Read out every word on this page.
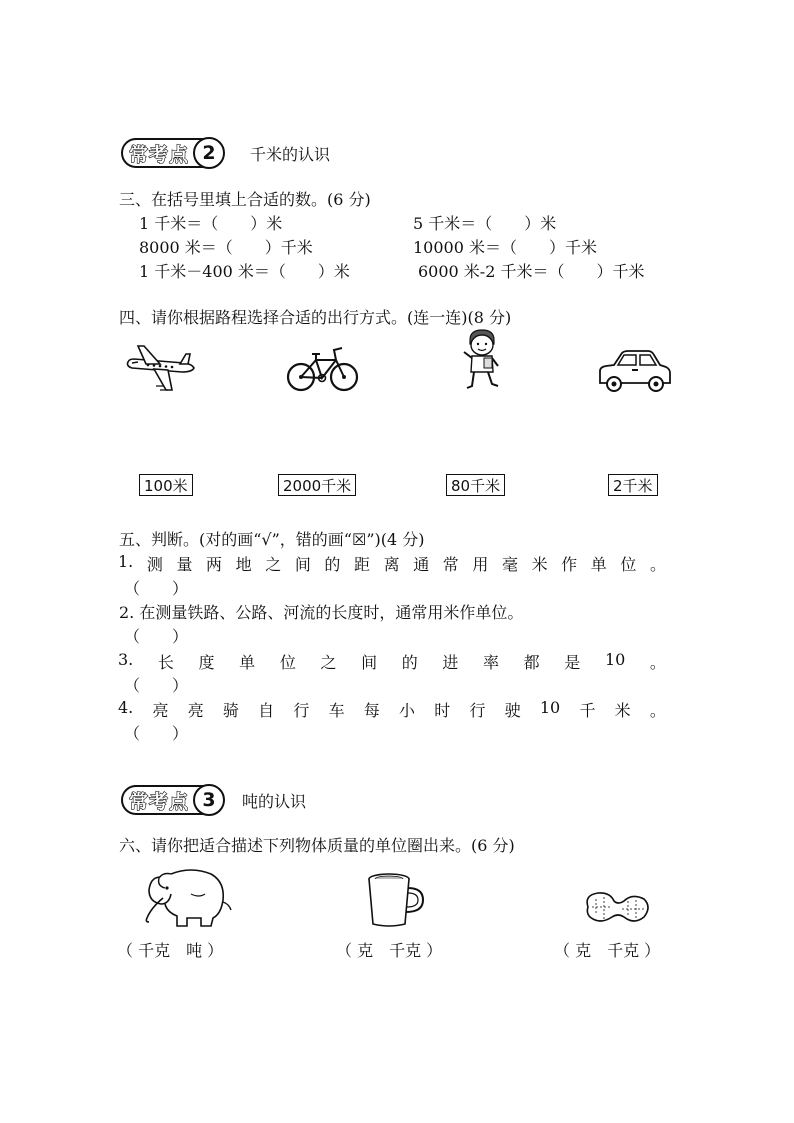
常考点 2	千米的认识
三、在括号里填上合适的数。(6 分)
1 千米＝（　　）米	5 千米＝（　　）米
8000 米＝（　　）千米	10000 米＝（　　）千米
1 千米－400 米＝（　　）米	6000 米-2 千米＝（　　）千米
四、请你根据路程选择合适的出行方式。(连一连)(8 分)
100米	2000千米	80千米	2千米
五、判断。(对的画“√”，错的画“☒”)(4 分)
1. 测 量 两 地 之 间 的 距 离 通 常 用 毫 米 作 单 位 。
（　　）
2. 在测量铁路、公路、河流的长度时，通常用米作单位。
（　　）
3. 长 度 单 位 之 间 的 进 率 都 是 10 。
（　　）
4. 亮 亮 骑 自 行 车 每 小 时 行 驶 10 千 米 。
（　　）
常考点 3	吨的认识
六、请你把适合描述下列物体质量的单位圈出来。(6 分)
（ 千克　吨 ）	（ 克　千克 ）	（ 克　千克 ）
